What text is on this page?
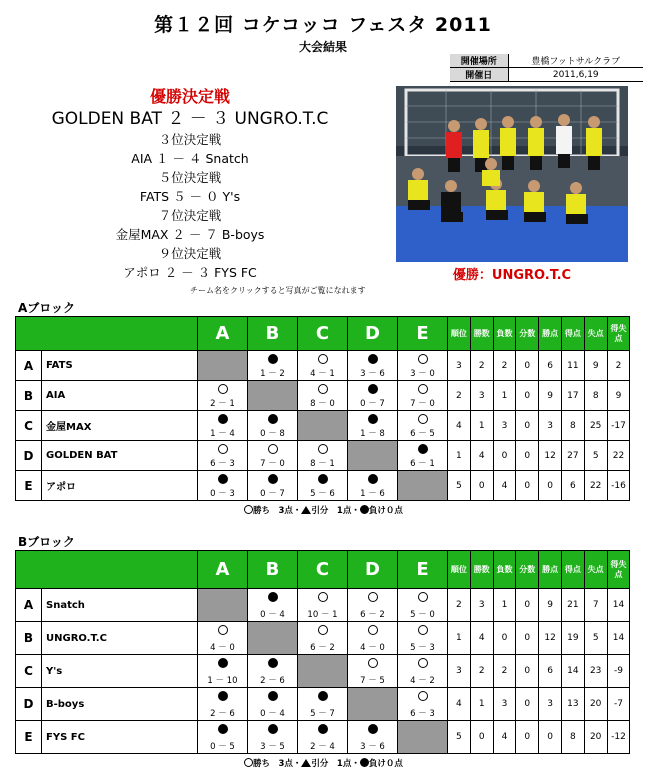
第１２回 コケコッコ フェスタ 2011
大会結果
開催場所	豊橋フットサルクラブ
開催日	2011,6,19
優勝決定戦
GOLDEN BAT ２ － ３ UNGRO.T.C
３位決定戦
AIA １ － ４ Snatch
５位決定戦
FATS ５ － ０ Y's
７位決定戦
金屋MAX ２ － ７ B-boys
９位決定戦
アポロ ２ － ３ FYS FC
チーム名をクリックすると写真がご覧になれます
優勝：UNGRO.T.C
Aブロック
		A	B	C	D	E	順位	勝数	負数	分数	勝点	得点	失点	得失点
A	FATS		1 － 2	4 － 1	3 － 6	3 － 0	3	2	2	0	6	11	9	2
B	AIA	2 － 1		8 － 0	0 － 7	7 － 0	2	3	1	0	9	17	8	9
C	金屋MAX	1 － 4	0 － 8		1 － 8	6 － 5	4	1	3	0	3	8	25	-17
D	GOLDEN BAT	6 － 3	7 － 0	8 － 1		6 － 1	1	4	0	0	12	27	5	22
E	アポロ	0 － 3	0 － 7	5 － 6	1 － 6		5	0	4	0	0	6	22	-16
勝ち　3点・ 引分　1点・ 負け０点
Bブロック
		A	B	C	D	E	順位	勝数	負数	分数	勝点	得点	失点	得失点
A	Snatch		0 － 4	10 － 1	6 － 2	5 － 0	2	3	1	0	9	21	7	14
B	UNGRO.T.C	4 － 0		6 － 2	4 － 0	5 － 3	1	4	0	0	12	19	5	14
C	Y's	1 － 10	2 － 6		7 － 5	4 － 2	3	2	2	0	6	14	23	-9
D	B-boys	2 － 6	0 － 4	5 － 7		6 － 3	4	1	3	0	3	13	20	-7
E	FYS FC	0 － 5	3 － 5	2 － 4	3 － 6		5	0	4	0	0	8	20	-12
勝ち　3点・ 引分　1点・ 負け０点
